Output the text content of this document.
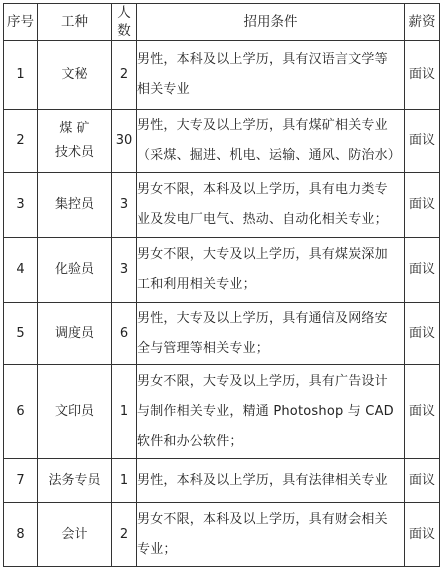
序号	工种	人数	招用条件	薪资
1	文秘	2	男性，本科及以上学历，具有汉语言文学等
相关专业	面议
2	煤 矿
技术员	30	男性，大专及以上学历，具有煤矿相关专业
（采煤、掘进、机电、运输、通风、防治水）	面议
3	集控员	3	男女不限，本科及以上学历，具有电力类专
业及发电厂电气、热动、自动化相关专业；	面议
4	化验员	3	男女不限，大专及以上学历，具有煤炭深加
工和利用相关专业；	面议
5	调度员	6	男性，大专及以上学历，具有通信及网络安
全与管理等相关专业；	面议
6	文印员	1	男女不限，大专及以上学历，具有广告设计
与制作相关专业，精通 Photoshop 与 CAD
软件和办公软件；	面议
7	法务专员	1	男性，本科及以上学历，具有法律相关专业	面议
8	会计	2	男女不限，本科及以上学历，具有财会相关
专业；	面议
